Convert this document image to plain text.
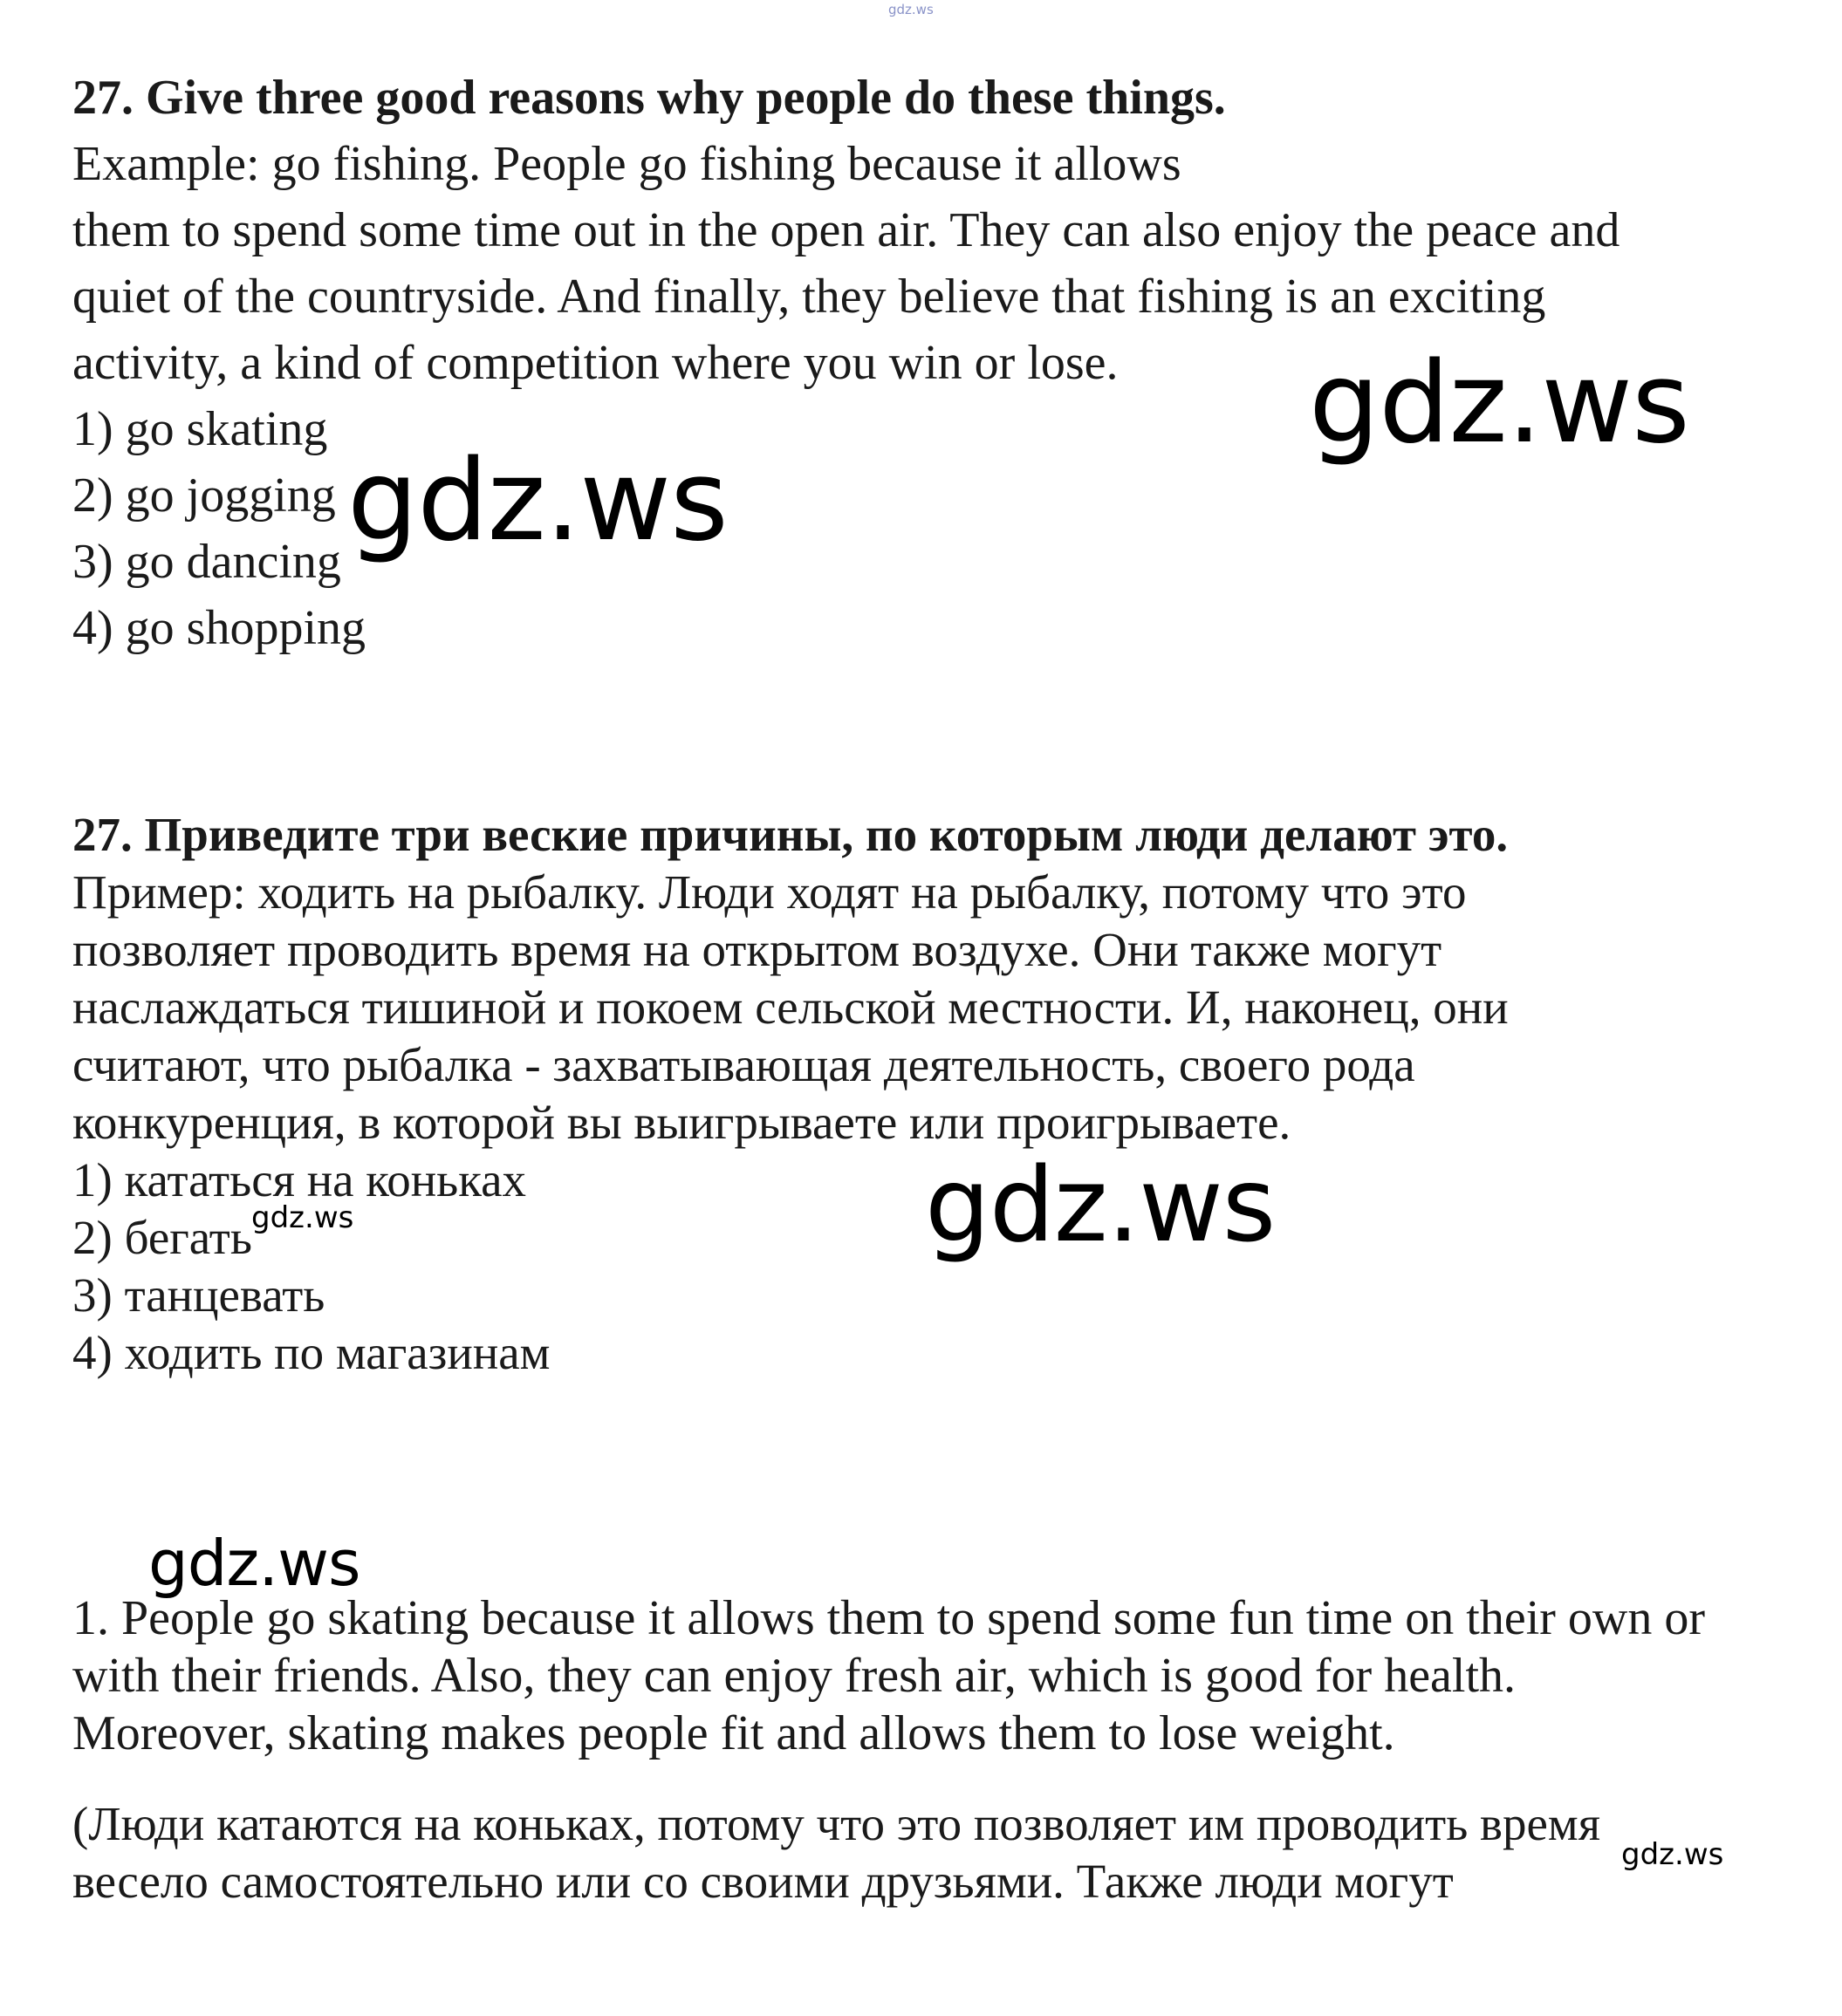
gdz.ws
27. Give three good reasons why people do these things.
Example: go fishing. People go fishing because it allows
them to spend some time out in the open air. They can also enjoy the peace and
quiet of the countryside. And finally, they believe that fishing is an exciting
activity, a kind of competition where you win or lose.
1) go skating
2) go jogging
3) go dancing
4) go shopping
gdz.ws
gdz.ws
27. Приведите три веские причины, по которым люди делают это.
Пример: ходить на рыбалку. Люди ходят на рыбалку, потому что это
позволяет проводить время на открытом воздухе. Они также могут
наслаждаться тишиной и покоем сельской местности. И, наконец, они
считают, что рыбалка - захватывающая деятельность, своего рода
конкуренция, в которой вы выигрываете или проигрываете.
1) кататься на коньках
2) бегать
3) танцевать
4) ходить по магазинам
gdz.ws	gdz.ws
gdz.ws
1. People go skating because it allows them to spend some fun time on their own or
with their friends. Also, they can enjoy fresh air, which is good for health.
Moreover, skating makes people fit and allows them to lose weight.
(Люди катаются на коньках, потому что это позволяет им проводить время
весело самостоятельно или со своими друзьями. Также люди могут	gdz.ws
